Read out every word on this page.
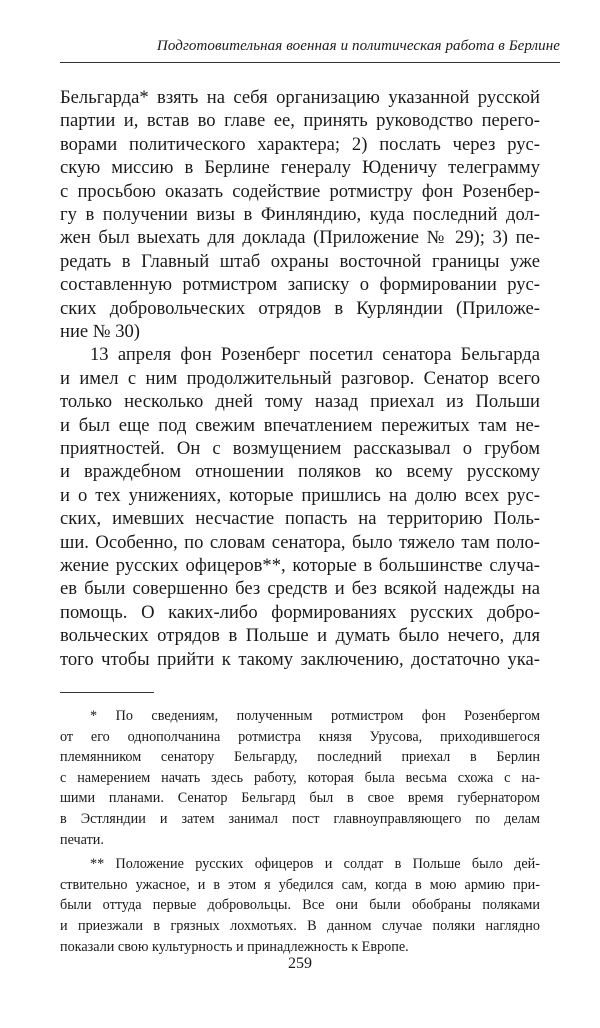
Подготовительная военная и политическая работа в Берлине
Бельгарда* взять на себя организацию указанной русской
партии и, встав во главе ее, принять руководство перего-
ворами политического характера; 2) послать через рус-
скую миссию в Берлине генералу Юденичу телеграмму
с просьбою оказать содействие ротмистру фон Розенбер-
гу в получении визы в Финляндию, куда последний дол-
жен был выехать для доклада (Приложение № 29); 3) пе-
редать в Главный штаб охраны восточной границы уже
составленную ротмистром записку о формировании рус-
ских добровольческих отрядов в Курляндии (Приложе-
ние № 30)
13 апреля фон Розенберг посетил сенатора Бельгарда
и имел с ним продолжительный разговор. Сенатор всего
только несколько дней тому назад приехал из Польши
и был еще под свежим впечатлением пережитых там не-
приятностей. Он с возмущением рассказывал о грубом
и враждебном отношении поляков ко всему русскому
и о тех унижениях, которые пришлись на долю всех рус-
ских, имевших несчастие попасть на территорию Поль-
ши. Особенно, по словам сенатора, было тяжело там поло-
жение русских офицеров**, которые в большинстве случа-
ев были совершенно без средств и без всякой надежды на
помощь. О каких-либо формированиях русских добро-
вольческих отрядов в Польше и думать было нечего, для
того чтобы прийти к такому заключению, достаточно ука-
* По сведениям, полученным ротмистром фон Розенбергом
от его однополчанина ротмистра князя Урусова, приходившегося
племянником сенатору Бельгарду, последний приехал в Берлин
с намерением начать здесь работу, которая была весьма схожа с на-
шими планами. Сенатор Бельгард был в свое время губернатором
в Эстляндии и затем занимал пост главноуправляющего по делам
печати.
** Положение русских офицеров и солдат в Польше было дей-
ствительно ужасное, и в этом я убедился сам, когда в мою армию при-
были оттуда первые добровольцы. Все они были обобраны поляками
и приезжали в грязных лохмотьях. В данном случае поляки наглядно
показали свою культурность и принадлежность к Европе.
259
